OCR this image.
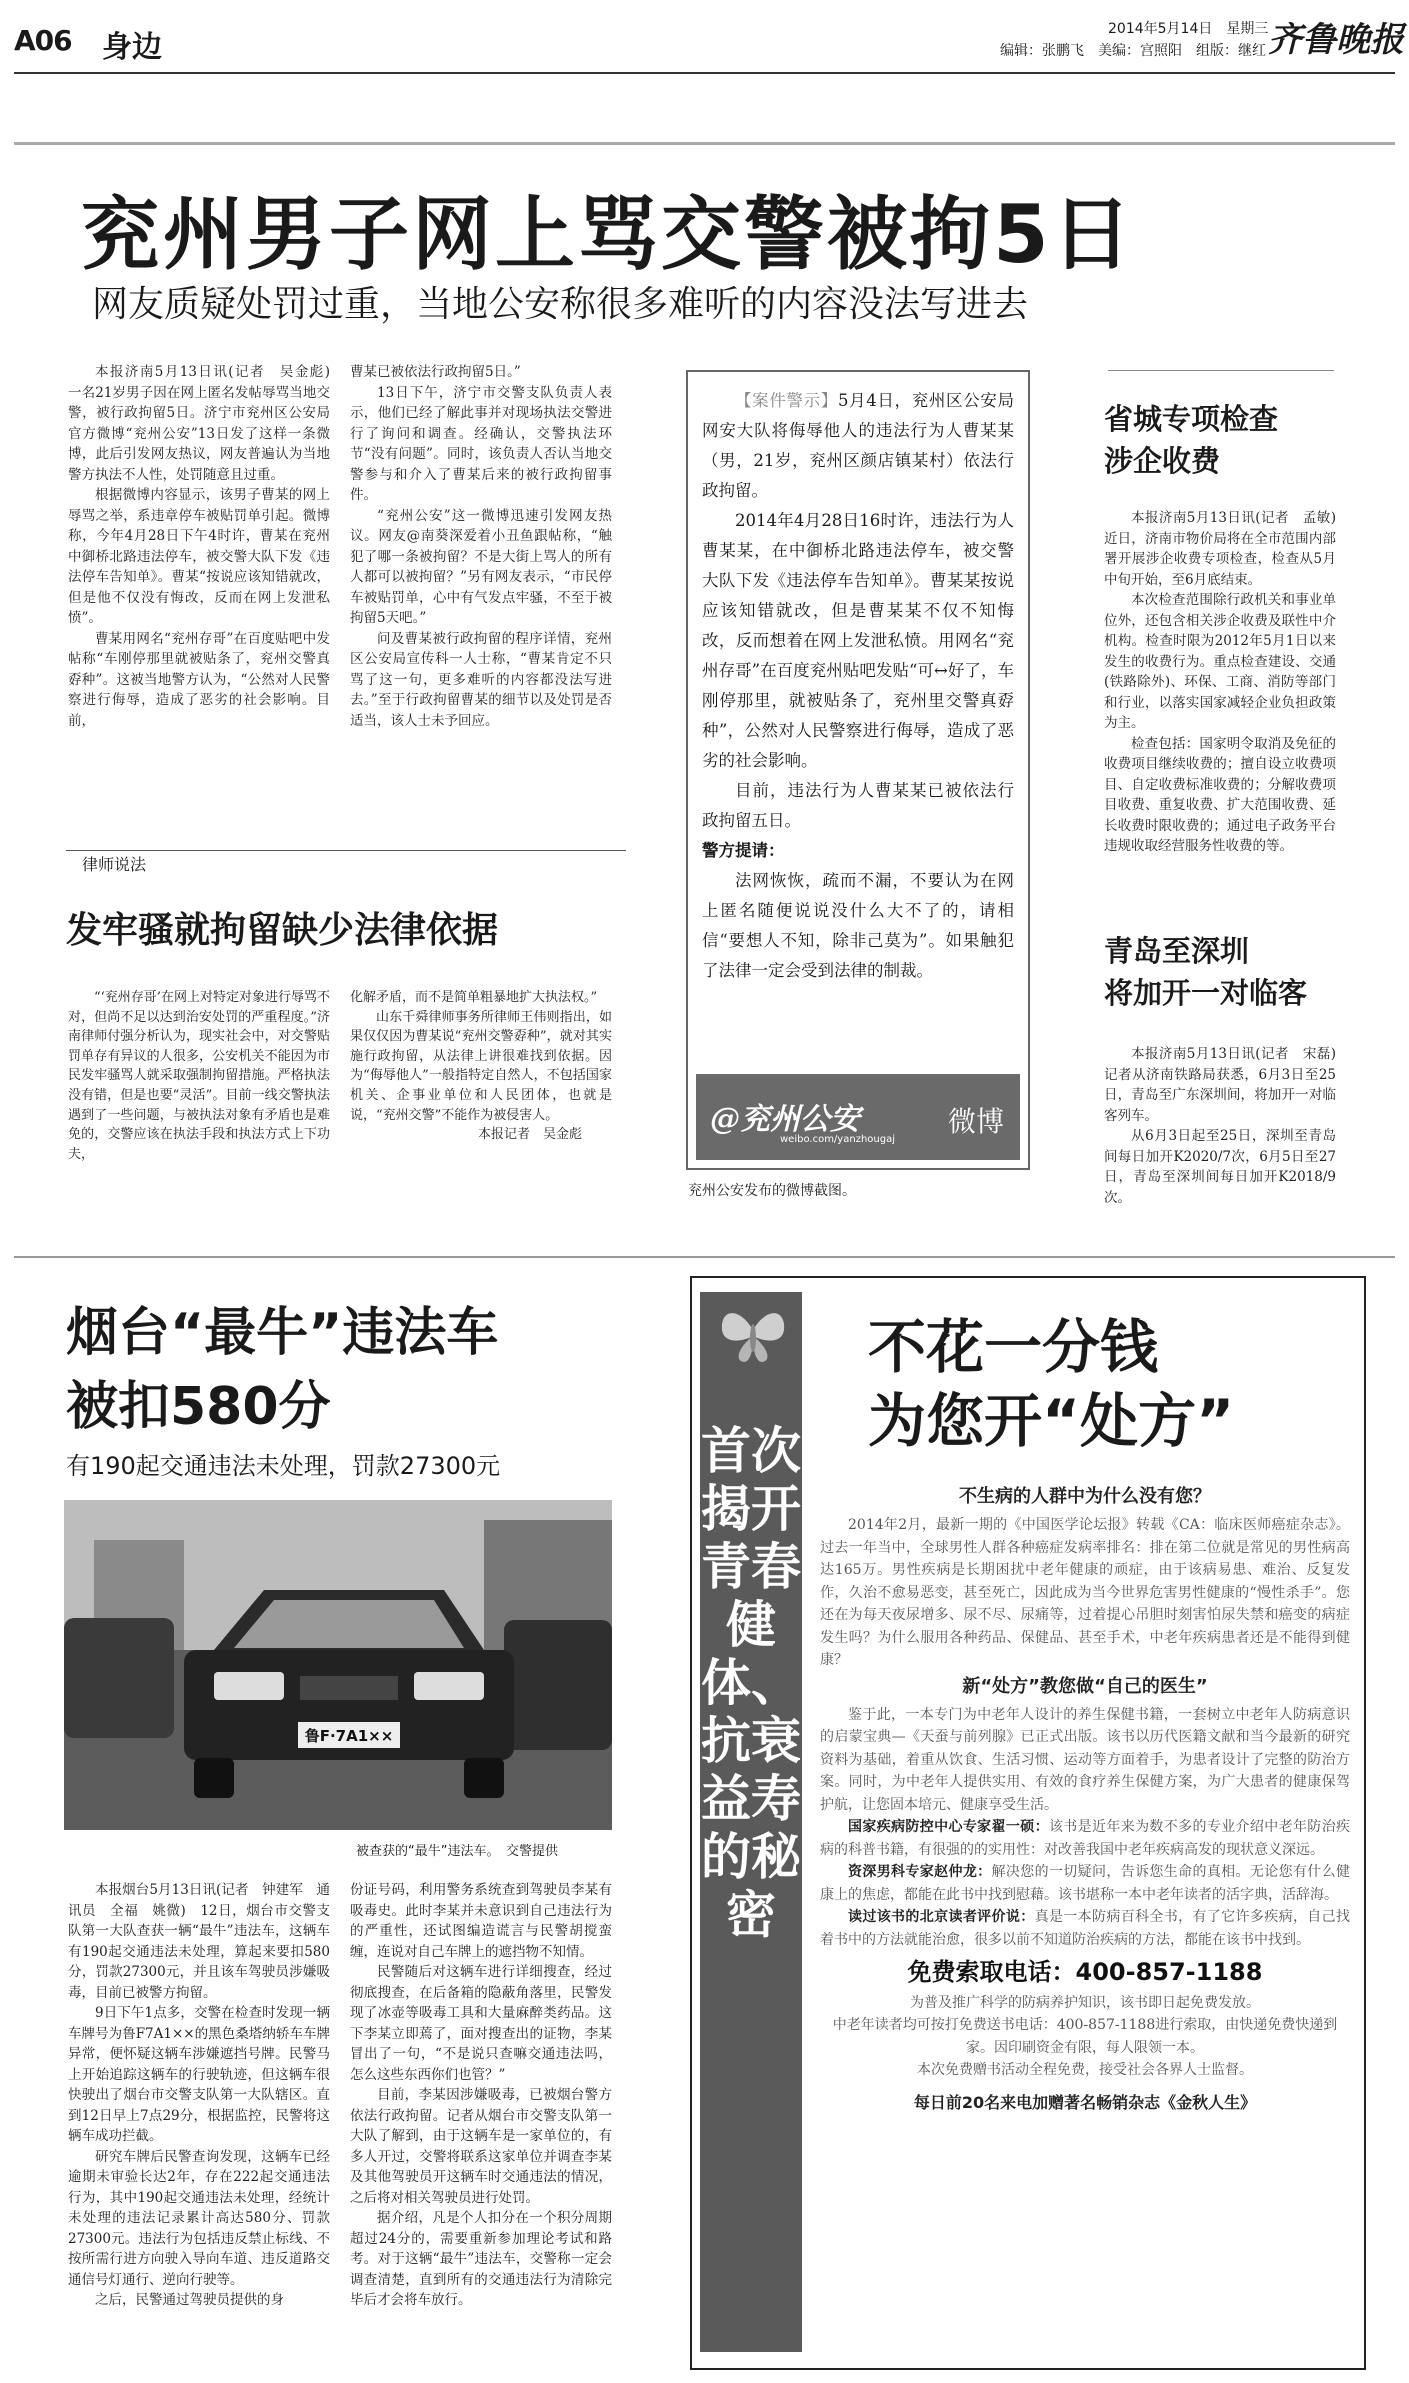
A06 身边
2014年5月14日　星期三
编辑：张鹏飞　美编：宫照阳　组版：继红 齐鲁晚报
兖州男子网上骂交警被拘5日
网友质疑处罚过重，当地公安称很多难听的内容没法写进去

本报济南5月13日讯(记者　吴金彪)　一名21岁男子因在网上匿名发帖辱骂当地交警，被行政拘留5日。济宁市兖州区公安局官方微博“兖州公安”13日发了这样一条微博，此后引发网友热议，网友普遍认为当地警方执法不人性，处罚随意且过重。

根据微博内容显示，该男子曹某的网上辱骂之举，系违章停车被贴罚单引起。微博称，今年4月28日下午4时许，曹某在兖州中御桥北路违法停车，被交警大队下发《违法停车告知单》。曹某“按说应该知错就改，但是他不仅没有悔改，反而在网上发泄私愤”。

曹某用网名“兖州存哥”在百度贴吧中发帖称“车刚停那里就被贴条了，兖州交警真孬种”。这被当地警方认为，“公然对人民警察进行侮辱，造成了恶劣的社会影响。目前，

曹某已被依法行政拘留5日。”

13日下午，济宁市交警支队负责人表示，他们已经了解此事并对现场执法交警进行了询问和调查。经确认，交警执法环节“没有问题”。同时，该负责人否认当地交警参与和介入了曹某后来的被行政拘留事件。

“兖州公安”这一微博迅速引发网友热议。网友@南葵深爱着小丑鱼跟帖称，“触犯了哪一条被拘留？不是大街上骂人的所有人都可以被拘留？”另有网友表示，“市民停车被贴罚单，心中有气发点牢骚，不至于被拘留5天吧。”

问及曹某被行政拘留的程序详情，兖州区公安局宣传科一人士称，“曹某肯定不只骂了这一句，更多难听的内容都没法写进去。”至于行政拘留曹某的细节以及处罚是否适当，该人士未予回应。

【案件警示】5月4日，兖州区公安局网安大队将侮辱他人的违法行为人曹某某（男，21岁，兖州区颜店镇某村）依法行政拘留。

2014年4月28日16时许，违法行为人曹某某，在中御桥北路违法停车，被交警大队下发《违法停车告知单》。曹某某按说应该知错就改，但是曹某某不仅不知悔改，反而想着在网上发泄私愤。用网名“兖州存哥”在百度兖州贴吧发贴“可↔好了，车刚停那里，就被贴条了，兖州里交警真孬种”，公然对人民警察进行侮辱，造成了恶劣的社会影响。

目前，违法行为人曹某某已被依法行政拘留五日。

警方提请：

法网恢恢，疏而不漏，不要认为在网上匿名随便说说没什么大不了的，请相信“要想人不知，除非己莫为”。如果触犯了法律一定会受到法律的制裁。

@兖州公安
weibo.com/yanzhougaj
微博
兖州公安发布的微博截图。
省城专项检查
涉企收费

本报济南5月13日讯(记者　孟敏)　近日，济南市物价局将在全市范围内部署开展涉企收费专项检查，检查从5月中旬开始，至6月底结束。

本次检查范围除行政机关和事业单位外，还包含相关涉企收费及联性中介机构。检查时限为2012年5月1日以来发生的收费行为。重点检查建设、交通(铁路除外)、环保、工商、消防等部门和行业，以落实国家减轻企业负担政策为主。

检查包括：国家明令取消及免征的收费项目继续收费的；擅自设立收费项目、自定收费标准收费的；分解收费项目收费、重复收费、扩大范围收费、延长收费时限收费的；通过电子政务平台违规收取经营服务性收费的等。

青岛至深圳
将加开一对临客

本报济南5月13日讯(记者　宋磊)　记者从济南铁路局获悉，6月3日至25日，青岛至广东深圳间，将加开一对临客列车。

从6月3日起至25日，深圳至青岛间每日加开K2020/7次，6月5日至27日，青岛至深圳间每日加开K2018/9次。

律师说法
发牢骚就拘留缺少法律依据

“‘兖州存哥’在网上对特定对象进行辱骂不对，但尚不足以达到治安处罚的严重程度。”济南律师付强分析认为，现实社会中，对交警贴罚单存有异议的人很多，公安机关不能因为市民发牢骚骂人就采取强制拘留措施。严格执法没有错，但是也要“灵活”。目前一线交警执法遇到了一些问题，与被执法对象有矛盾也是难免的，交警应该在执法手段和执法方式上下功夫，

化解矛盾，而不是简单粗暴地扩大执法权。”

山东千舜律师事务所律师王伟则指出，如果仅仅因为曹某说“兖州交警孬种”，就对其实施行政拘留，从法律上讲很难找到依据。因为“侮辱他人”一般指特定自然人，不包括国家机关、企事业单位和人民团体，也就是说，“兖州交警”不能作为被侵害人。

本报记者　吴金彪

烟台“最牛”违法车
被扣580分
有190起交通违法未处理，罚款27300元
鲁F·7A1××
被查获的“最牛”违法车。　交警提供

本报烟台5月13日讯(记者　钟建军　通讯员　全福　姚微)　12日，烟台市交警支队第一大队查获一辆“最牛”违法车，这辆车有190起交通违法未处理，算起来要扣580分，罚款27300元，并且该车驾驶员涉嫌吸毒，目前已被警方拘留。

9日下午1点多，交警在检查时发现一辆车牌号为鲁F7A1××的黑色桑塔纳轿车车牌异常，便怀疑这辆车涉嫌遮挡号牌。民警马上开始追踪这辆车的行驶轨迹，但这辆车很快驶出了烟台市交警支队第一大队辖区。直到12日早上7点29分，根据监控，民警将这辆车成功拦截。

研究车牌后民警查询发现，这辆车已经逾期未审验长达2年，存在222起交通违法行为，其中190起交通违法未处理，经统计未处理的违法记录累计高达580分、罚款27300元。违法行为包括违反禁止标线、不按所需行进方向驶入导向车道、违反道路交通信号灯通行、逆向行驶等。

之后，民警通过驾驶员提供的身

份证号码，利用警务系统查到驾驶员李某有吸毒史。此时李某并未意识到自己违法行为的严重性，还试图编造谎言与民警胡搅蛮缠，连说对自己车牌上的遮挡物不知情。

民警随后对这辆车进行详细搜查，经过彻底搜查，在后备箱的隐蔽角落里，民警发现了冰壶等吸毒工具和大量麻醉类药品。这下李某立即蔫了，面对搜查出的证物，李某冒出了一句，“不是说只查嘛交通违法吗，怎么这些东西你们也管？”

目前，李某因涉嫌吸毒，已被烟台警方依法行政拘留。记者从烟台市交警支队第一大队了解到，由于这辆车是一家单位的，有多人开过，交警将联系这家单位并调查李某及其他驾驶员开这辆车时交通违法的情况，之后将对相关驾驶员进行处罚。

据介绍，凡是个人扣分在一个积分周期超过24分的，需要重新参加理论考试和路考。对于这辆“最牛”违法车，交警称一定会调查清楚，直到所有的交通违法行为清除完毕后才会将车放行。

首次揭开青春健体、抗衰益寿的秘密
不花一分钱
为您开“处方”
不生病的人群中为什么没有您？

2014年2月，最新一期的《中国医学论坛报》转载《CA：临床医师癌症杂志》。过去一年当中，全球男性人群各种癌症发病率排名：排在第二位就是常见的男性病高达165万。男性疾病是长期困扰中老年健康的顽症，由于该病易患、难治、反复发作，久治不愈易恶变，甚至死亡，因此成为当今世界危害男性健康的“慢性杀手”。您还在为每天夜尿增多、尿不尽、尿痛等，过着提心吊胆时刻害怕尿失禁和癌变的病症发生吗？为什么服用各种药品、保健品、甚至手术，中老年疾病患者还是不能得到健康？

新“处方”教您做“自己的医生”

鉴于此，一本专门为中老年人设计的养生保健书籍，一套树立中老年人防病意识的启蒙宝典—《天蚕与前列腺》已正式出版。该书以历代医籍文献和当今最新的研究资料为基础，着重从饮食、生活习惯、运动等方面着手，为患者设计了完整的防治方案。同时，为中老年人提供实用、有效的食疗养生保健方案，为广大患者的健康保驾护航，让您固本培元、健康享受生活。

国家疾病防控中心专家翟一硕：该书是近年来为数不多的专业介绍中老年防治疾病的科普书籍，有很强的的实用性：对改善我国中老年疾病高发的现状意义深远。

资深男科专家赵仲龙：解决您的一切疑问，告诉您生命的真相。无论您有什么健康上的焦虑，都能在此书中找到慰藉。该书堪称一本中老年读者的活字典，活辞海。

读过该书的北京读者评价说：真是一本防病百科全书，有了它许多疾病，自己找着书中的方法就能治愈，很多以前不知道防治疾病的方法，都能在该书中找到。

免费索取电话：400-857-1188

为普及推广科学的防病养护知识，该书即日起免费发放。

中老年读者均可按打免费送书电话：400-857-1188进行索取，由快递免费快递到家。因印刷资金有限，每人限领一本。

本次免费赠书活动全程免费，接受社会各界人士监督。

每日前20名来电加赠著名畅销杂志《金秋人生》
